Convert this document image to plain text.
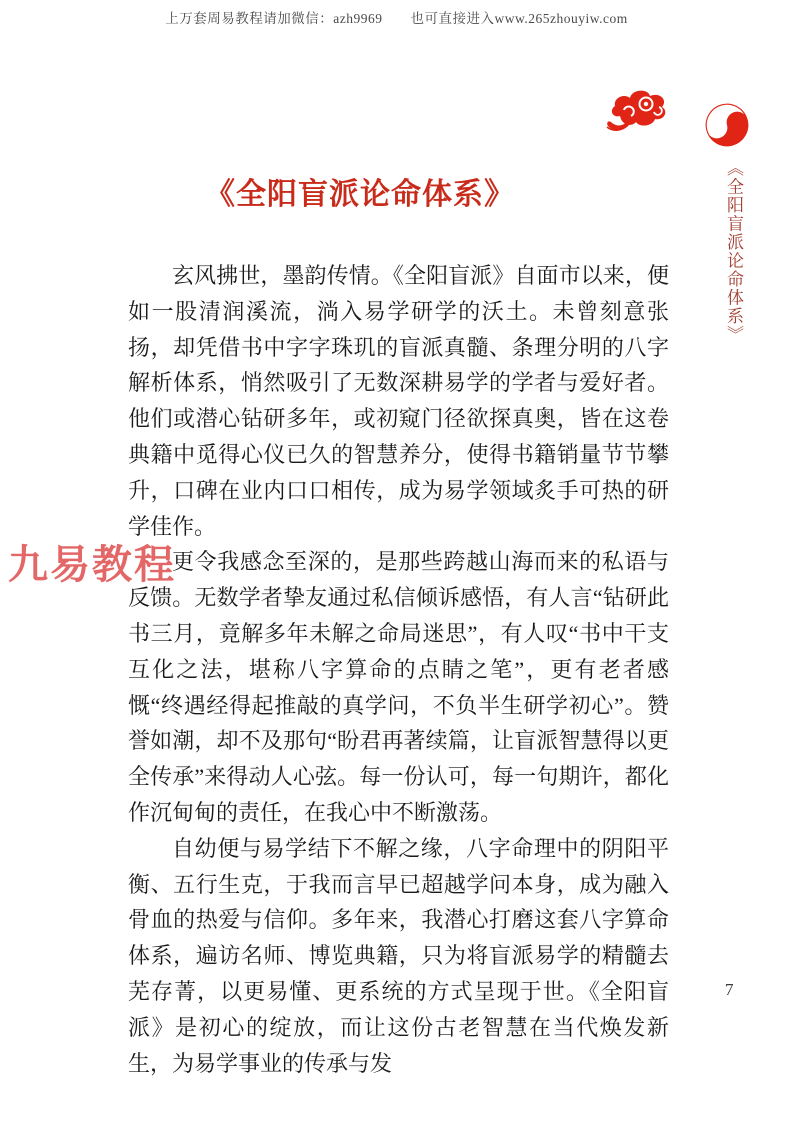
上万套周易教程请加微信：azh9969　　也可直接进入www.265zhouyiw.com
《全阳盲派论命体系》	《全阳盲派论命体系》

玄风拂世，墨韵传情。《全阳盲派》自面市以来，便如一股清润溪流，淌入易学研学的沃土。未曾刻意张扬，却凭借书中字字珠玑的盲派真髓、条理分明的八字解析体系，悄然吸引了无数深耕易学的学者与爱好者。他们或潜心钻研多年，或初窥门径欲探真奥，皆在这卷典籍中觅得心仪已久的智慧养分，使得书籍销量节节攀升，口碑在业内口口相传，成为易学领域炙手可热的研学佳作。

更令我感念至深的，是那些跨越山海而来的私语与反馈。无数学者挚友通过私信倾诉感悟，有人言“钻研此书三月，竟解多年未解之命局迷思”，有人叹“书中干支互化之法，堪称八字算命的点睛之笔”，更有老者感慨“终遇经得起推敲的真学问，不负半生研学初心”。赞誉如潮，却不及那句“盼君再著续篇，让盲派智慧得以更全传承”来得动人心弦。每一份认可，每一句期许，都化作沉甸甸的责任，在我心中不断激荡。

自幼便与易学结下不解之缘，八字命理中的阴阳平衡、五行生克，于我而言早已超越学问本身，成为融入骨血的热爱与信仰。多年来，我潜心打磨这套八字算命体系，遍访名师、博览典籍，只为将盲派易学的精髓去芜存菁，以更易懂、更系统的方式呈现于世。《全阳盲派》是初心的绽放，而让这份古老智慧在当代焕发新生，为易学事业的传承与发

九易教程
7
